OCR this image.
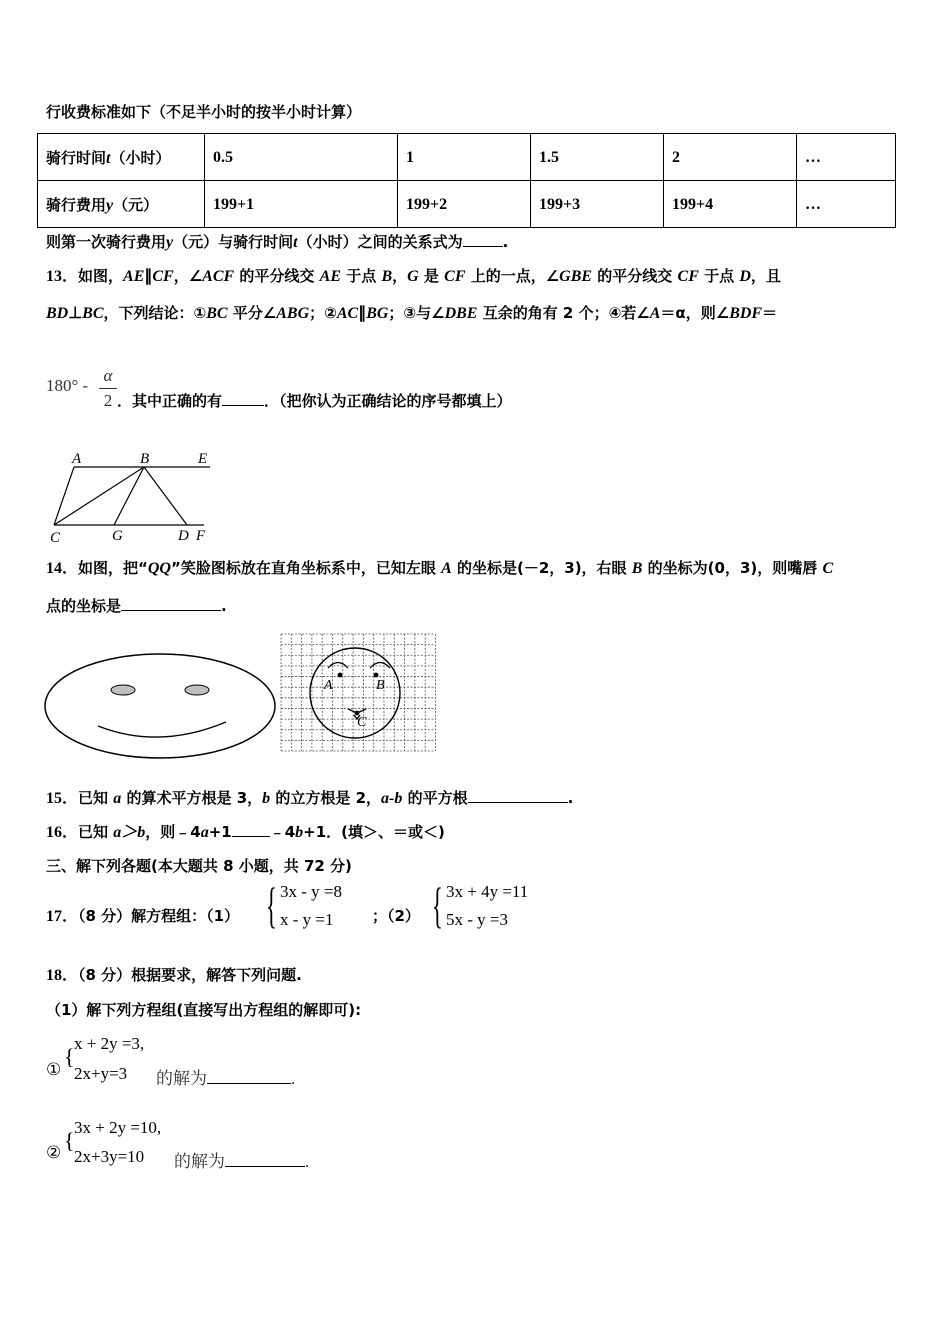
行收费标准如下（不足半小时的按半小时计算）
骑行时间t（小时）	0.5	1	1.5	2	…
骑行费用y（元）	199+1	199+2	199+3	199+4	…
则第一次骑行费用y（元）与骑行时间t（小时）之间的关系式为	.
13．如图，AE∥CF，∠ACF 的平分线交 AE 于点 B，G 是 CF 上的一点，∠GBE 的平分线交 CF 于点 D，且
BD⊥BC，下列结论：①BC 平分∠ABG；②AC∥BG；③与∠DBE 互余的角有 2 个；④若∠A＝α，则∠BDF＝
180° -
α
2 ．其中正确的有	．（把你认为正确结论的序号都填上）
A	B	E
C	G	D F
14．如图，把“QQ”笑脸图标放在直角坐标系中，已知左眼 A 的坐标是(－2，3)，右眼 B 的坐标为(0，3)，则嘴唇 C
点的坐标是	.
A	B
C
15．已知 a 的算术平方根是 3，b 的立方根是 2，a-b 的平方根	.
16．已知 a＞b，则﹣4a+1	﹣4b+1．(填＞、＝或＜)
三、解下列各题(本大题共 8 小题，共 72 分)
17．（8 分）解方程组：（1） { 3x - y =8
x - y =1	；（2） { 3x + 4y =11
5x - y =3
18．（8 分）根据要求，解答下列问题.
（1）解下列方程组(直接写出方程组的解即可):
①
{
x + 2y =3,
2x+y=3 的解为	.
② {
3x + 2y =10,
2x+3y=10 的解为	.
